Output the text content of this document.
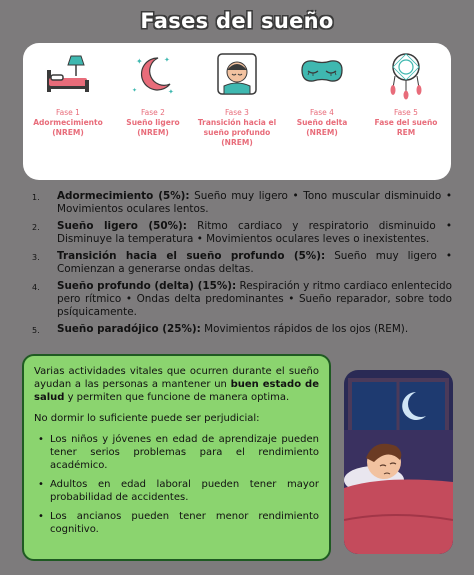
Fases del sueño
Fase 1
Adormecimiento
(NREM)
✦	✦
✦
✦
Fase 2
Sueño ligero
(NREM)
Fase 3
Transición hacia el sueño profundo
(NREM)
Fase 4
Sueño delta
(NREM)
Fase 5
Fase del sueño
REM
1. Adormecimiento (5%): Sueño muy ligero • Tono muscular disminuido • Movimientos oculares lentos.
2. Sueño ligero (50%): Ritmo cardiaco y respiratorio disminuido • Disminuye la temperatura • Movimientos oculares leves o inexistentes.
3. Transición hacia el sueño profundo (5%): Sueño muy ligero • Comienzan a generarse ondas deltas.
4. Sueño profundo (delta) (15%): Respiración y ritmo cardiaco enlentecido pero rítmico • Ondas delta predominantes • Sueño reparador, sobre todo psíquicamente.
5. Sueño paradójico (25%): Movimientos rápidos de los ojos (REM).

Varias actividades vitales que ocurren durante el sueño ayudan a las personas a mantener un buen estado de salud y permiten que funcione de manera optima.

No dormir lo suficiente puede ser perjudicial:

• Los niños y jóvenes en edad de aprendizaje pueden tener serios problemas para el rendimiento académico.
• Adultos en edad laboral pueden tener mayor probabilidad de accidentes.
• Los ancianos pueden tener menor rendimiento cognitivo.
